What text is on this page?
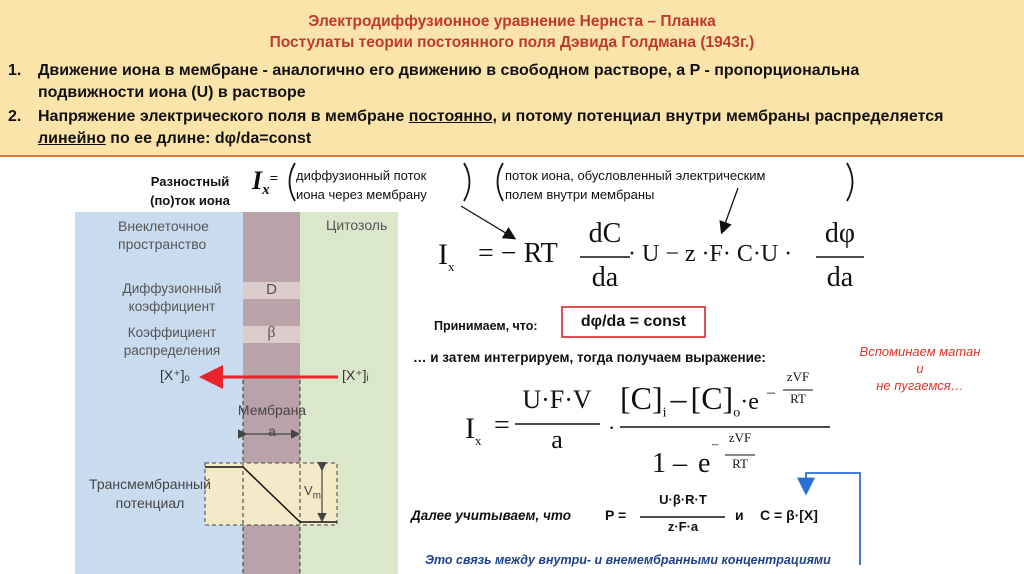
Электродиффузионное уравнение Нернста – Планка
Постулаты теории постоянного поля Дэвида Голдмана (1943г.)
1. Движение иона в мембране - аналогично его движению в свободном растворе, а P - пропорциональна
подвижности иона (U) в растворе
2. Напряжение электрического поля в мембране постоянно, и потому потенциал внутри мембраны распределяется
линейно по ее длине: dφ/da=const
Разностный
(по)ток иона
Ix= диффузионный поток
иона через мембрану
поток иона, обусловленный электрическим
полем внутри мембраны
Внеклеточное пространство
Цитозоль
Диффузионный коэффициент
D
Коэффициент распределения
β
[X⁺]ₒ	[X⁺]ᵢ
Мембрана
a
Трансмембранный потенциал
$V_m$
$I_x$ = − RT
dC
da
· U − z ·F· C·U ·
dφ
da
Принимаем, что:	dφ/da = const
… и затем интегрируем, тогда получаем выражение:
$I_x$ =
U·F·V
a	·
$[C]_i - [C]_o\cdot e$ –
zVF
RT
1 – e
– zVF
RT
Вспоминаем матан
и
не пугаемся…
Далее учитываем, что P =
U·β·R·T
z·F·a
и C = β·[X]
Это связь между внутри- и внемембранными концентрациями
